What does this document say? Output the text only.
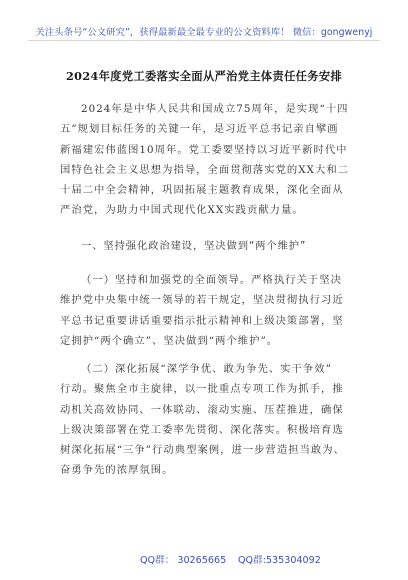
关注头条号“公文研究”，获得最新最全最专业的公文资料库！ 微信：gongwenyj
2024年度党工委落实全面从严治党主体责任任务安排
2024年是中华人民共和国成立75周年，是实现“十四
五”规划目标任务的关键一年，是习近平总书记亲自擘画
新福建宏伟蓝图10周年。党工委要坚持以习近平新时代中
国特色社会主义思想为指导，全面贯彻落实党的XX大和二
十届二中全会精神，巩固拓展主题教育成果，深化全面从
严治党，为助力中国式现代化XX实践贡献力量。
一、坚持强化政治建设，坚决做到“两个维护”
（一）坚持和加强党的全面领导。严格执行关于坚决
维护党中央集中统一领导的若干规定，坚决贯彻执行习近
平总书记重要讲话重要指示批示精神和上级决策部署，坚
定拥护“两个确立”、坚决做到“两个维护”。
（二）深化拓展“深学争优、敢为争先、实干争效”
行动。聚焦全市主旋律，以一批重点专项工作为抓手，推
动机关高效协同、一体联动、滚动实施、压茬推进，确保
上级决策部署在党工委率先贯彻、深化落实。积极培育选
树深化拓展“三争”行动典型案例，进一步营造担当敢为、
奋勇争先的浓厚氛围。
QQ群： 30265665 QQ群:535304092
